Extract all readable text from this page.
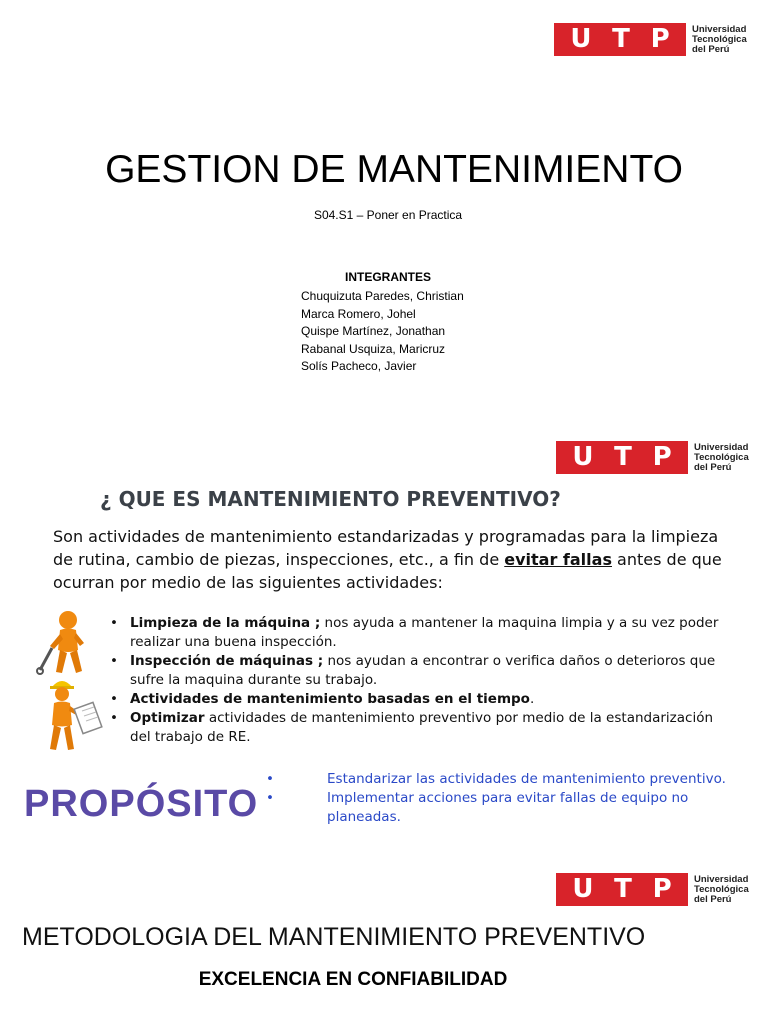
U T P Universidad
Tecnológica
del Perú
GESTION DE MANTENIMIENTO
S04.S1 – Poner en Practica
INTEGRANTES
Chuquizuta Paredes, Christian
Marca Romero, Johel
Quispe Martínez, Jonathan
Rabanal Usquiza, Maricruz
Solís Pacheco, Javier
U T P Universidad
Tecnológica
del Perú
¿ QUE ES MANTENIMIENTO PREVENTIVO?
Son actividades de mantenimiento estandarizadas y programadas para la limpieza de rutina, cambio de piezas, inspecciones, etc., a fin de evitar fallas antes de que ocurran por medio de las siguientes actividades:
• Limpieza de la máquina ; nos ayuda a mantener la maquina limpia y a su vez poder realizar una buena inspección.
• Inspección de máquinas ; nos ayudan a encontrar o verifica daños o deterioros que sufre la maquina durante su trabajo.
• Actividades de mantenimiento basadas en el tiempo.
• Optimizar actividades de mantenimiento preventivo por medio de la estandarización del trabajo de RE.
PROPÓSITO
•	Estandarizar las actividades de mantenimiento preventivo.
•	Implementar acciones para evitar fallas de equipo no planeadas.
U T P Universidad
Tecnológica
del Perú
METODOLOGIA DEL MANTENIMIENTO PREVENTIVO
EXCELENCIA EN CONFIABILIDAD
